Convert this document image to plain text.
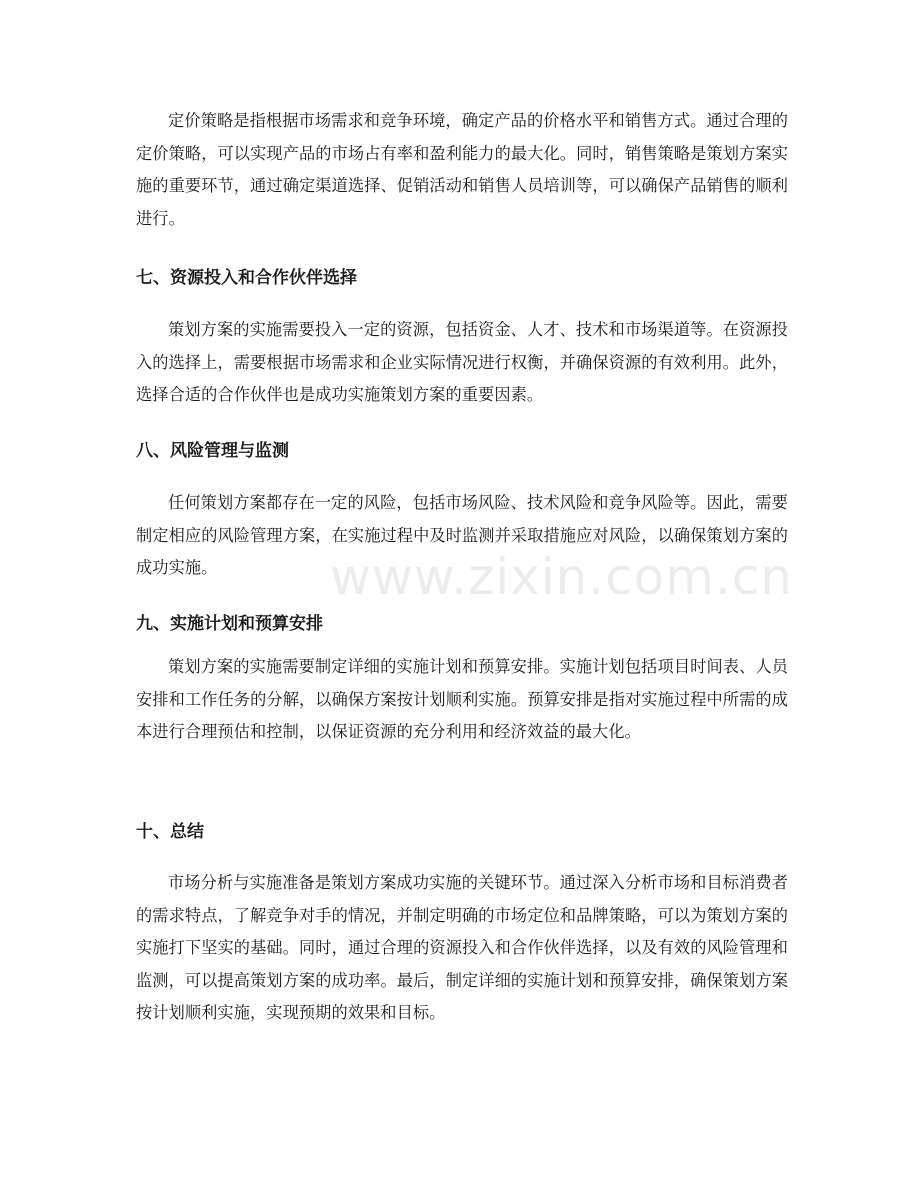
定价策略是指根据市场需求和竞争环境，确定产品的价格水平和销售方式。通过合理的定价策略，可以实现产品的市场占有率和盈利能力的最大化。同时，销售策略是策划方案实施的重要环节，通过确定渠道选择、促销活动和销售人员培训等，可以确保产品销售的顺利进行。

七、资源投入和合作伙伴选择

策划方案的实施需要投入一定的资源，包括资金、人才、技术和市场渠道等。在资源投入的选择上，需要根据市场需求和企业实际情况进行权衡，并确保资源的有效利用。此外，选择合适的合作伙伴也是成功实施策划方案的重要因素。

八、风险管理与监测

任何策划方案都存在一定的风险，包括市场风险、技术风险和竞争风险等。因此，需要制定相应的风险管理方案，在实施过程中及时监测并采取措施应对风险，以确保策划方案的成功实施。

九、实施计划和预算安排

策划方案的实施需要制定详细的实施计划和预算安排。实施计划包括项目时间表、人员安排和工作任务的分解，以确保方案按计划顺利实施。预算安排是指对实施过程中所需的成本进行合理预估和控制，以保证资源的充分利用和经济效益的最大化。

十、总结

市场分析与实施准备是策划方案成功实施的关键环节。通过深入分析市场和目标消费者的需求特点，了解竞争对手的情况，并制定明确的市场定位和品牌策略，可以为策划方案的实施打下坚实的基础。同时，通过合理的资源投入和合作伙伴选择，以及有效的风险管理和监测，可以提高策划方案的成功率。最后，制定详细的实施计划和预算安排，确保策划方案按计划顺利实施，实现预期的效果和目标。

www.zixin.com.cn
